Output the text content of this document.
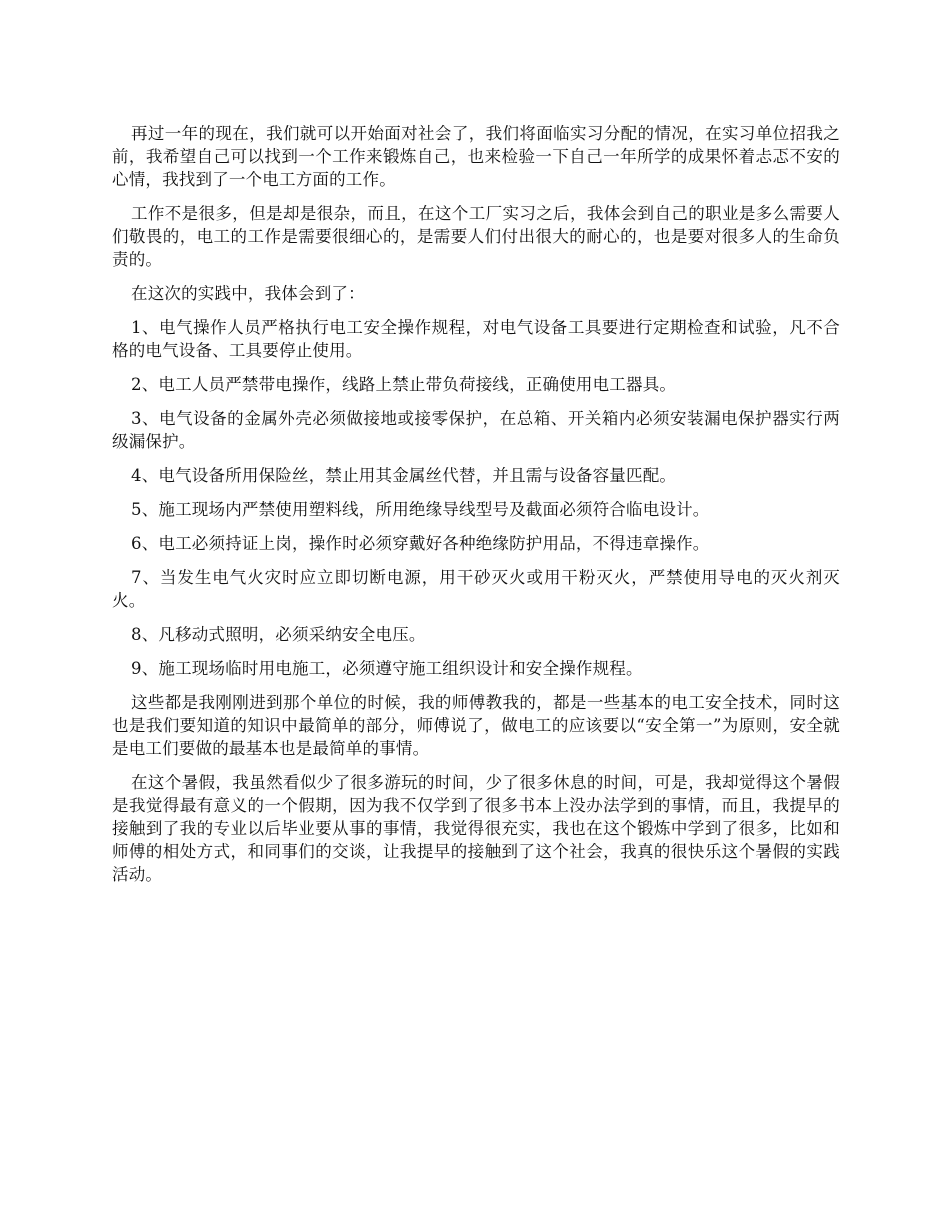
再过一年的现在，我们就可以开始面对社会了，我们将面临实习分配的情况，在实习单位招我之前，我希望自己可以找到一个工作来锻炼自己，也来检验一下自己一年所学的成果怀着忐忑不安的心情，我找到了一个电工方面的工作。

工作不是很多，但是却是很杂，而且，在这个工厂实习之后，我体会到自己的职业是多么需要人们敬畏的，电工的工作是需要很细心的，是需要人们付出很大的耐心的，也是要对很多人的生命负责的。

在这次的实践中，我体会到了：

1、电气操作人员严格执行电工安全操作规程，对电气设备工具要进行定期检查和试验，凡不合格的电气设备、工具要停止使用。

2、电工人员严禁带电操作，线路上禁止带负荷接线，正确使用电工器具。

3、电气设备的金属外壳必须做接地或接零保护，在总箱、开关箱内必须安装漏电保护器实行两级漏保护。

4、电气设备所用保险丝，禁止用其金属丝代替，并且需与设备容量匹配。

5、施工现场内严禁使用塑料线，所用绝缘导线型号及截面必须符合临电设计。

6、电工必须持证上岗，操作时必须穿戴好各种绝缘防护用品，不得违章操作。

7、当发生电气火灾时应立即切断电源，用干砂灭火或用干粉灭火，严禁使用导电的灭火剂灭火。

8、凡移动式照明，必须采纳安全电压。

9、施工现场临时用电施工，必须遵守施工组织设计和安全操作规程。

这些都是我刚刚进到那个单位的时候，我的师傅教我的，都是一些基本的电工安全技术，同时这也是我们要知道的知识中最简单的部分，师傅说了，做电工的应该要以“安全第一”为原则，安全就是电工们要做的最基本也是最简单的事情。

在这个暑假，我虽然看似少了很多游玩的时间，少了很多休息的时间，可是，我却觉得这个暑假是我觉得最有意义的一个假期，因为我不仅学到了很多书本上没办法学到的事情，而且，我提早的接触到了我的专业以后毕业要从事的事情，我觉得很充实，我也在这个锻炼中学到了很多，比如和师傅的相处方式，和同事们的交谈，让我提早的接触到了这个社会，我真的很快乐这个暑假的实践活动。
